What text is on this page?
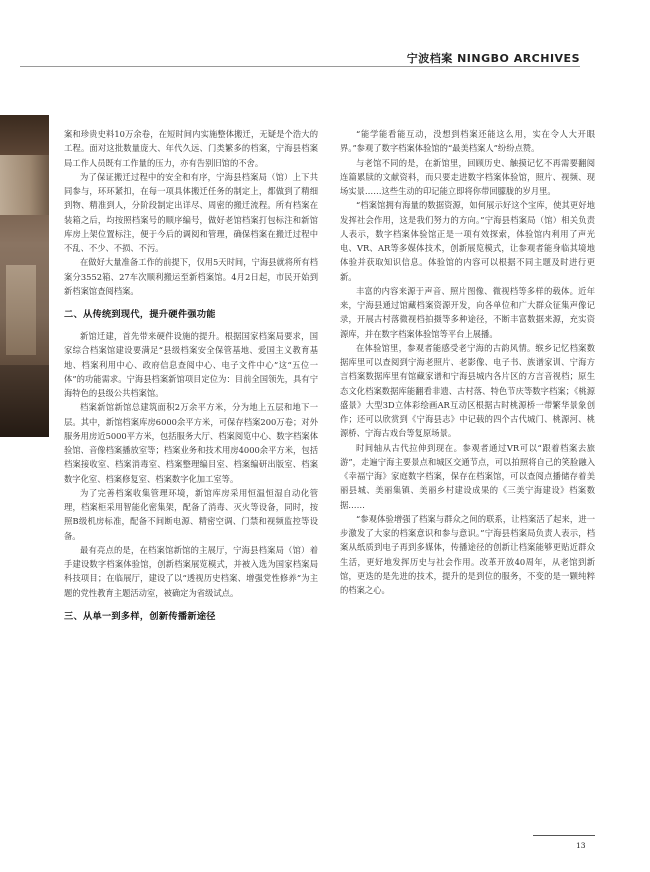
宁波档案 NINGBO ARCHIVES

案和珍贵史料10万余卷，在短时间内实施整体搬迁，无疑是个浩大的工程。面对这批数量庞大、年代久远、门类繁多的档案，宁海县档案局工作人员既有工作量的压力，亦有告别旧馆的不舍。

为了保证搬迁过程中的安全和有序，宁海县档案局（馆）上下共同参与，环环紧扣，在每一项具体搬迁任务的制定上，都做到了精细到物、精准到人，分阶段制定出详尽、周密的搬迁流程。所有档案在装箱之后，均按照档案号的顺序编号，做好老馆档案打包标注和新馆库房上架位置标注，便于今后的调阅和管理，确保档案在搬迁过程中不乱、不少、不损、不污。

在做好大量准备工作的前提下，仅用5天时间，宁海县就将所有档案分3552箱、27车次顺利搬运至新档案馆。4月2日起，市民开始到新档案馆查阅档案。

二、从传统到现代，提升硬件强功能

新馆迁建，首先带来硬件设施的提升。根据国家档案局要求，国家综合档案馆建设要满足“县级档案安全保管基地、爱国主义教育基地、档案利用中心、政府信息查阅中心、电子文件中心”这“五位一体”的功能需求。宁海县档案新馆项目定位为：目前全国领先，具有宁海特色的县级公共档案馆。

档案新馆新馆总建筑面积2万余平方米，分为地上五层和地下一层。其中，新馆档案库房6000余平方米，可保存档案200万卷；对外服务用房近5000平方米，包括服务大厅、档案阅览中心、数字档案体验馆、音像档案播放室等；档案业务和技术用房4000余平方米，包括档案接收室、档案消毒室、档案整理编目室、档案编研出版室、档案数字化室、档案修复室、档案数字化加工室等。

为了完善档案收集管理环境，新馆库房采用恒温恒湿自动化管理，档案柜采用智能化密集架，配备了消毒、灭火等设备，同时，按照B级机房标准，配备不间断电源、精密空调、门禁和视频监控等设备。

最有亮点的是，在档案馆新馆的主展厅，宁海县档案局（馆）着手建设数字档案体验馆，创新档案展览模式，并被入选为国家档案局科技项目；在临展厅，建设了以“透视历史档案、增强党性修养”为主题的党性教育主题活动室，被确定为省级试点。

三、从单一到多样，创新传播新途径

“能学能看能互动，没想到档案还能这么用，实在令人大开眼界。”参观了数字档案体验馆的“最美档案人”纷纷点赞。

与老馆不同的是，在新馆里，回顾历史、触摸记忆不再需要翻阅连篇累牍的文献资料，而只要走进数字档案体验馆，照片、视频、现场实景……这些生动的印记能立即将你带回朦胧的岁月里。

“档案馆拥有海量的数据资源，如何展示好这个宝库，使其更好地发挥社会作用，这是我们努力的方向。”宁海县档案局（馆）相关负责人表示，数字档案体验馆正是一项有效探索，体验馆内利用了声光电、VR、AR等多媒体技术，创新展览模式，让参观者能身临其境地体验并获取知识信息。体验馆的内容可以根据不同主题及时进行更新。

丰富的内容来源于声音、照片图像、微视档等多样的载体。近年来，宁海县通过馆藏档案资源开发，向各单位和广大群众征集声像记录，开展古村落微视档拍摄等多种途径，不断丰富数据来源，充实资源库，并在数字档案体验馆等平台上展播。

在体验馆里，参观者能感受老宁海的古韵风情。缑乡记忆档案数据库里可以查阅到宁海老照片、老影像、电子书、族谱家训、宁海方言档案数据库里有馆藏家谱和宁海县城内各片区的方言音视档；原生态文化档案数据库能翻看非遗、古村落、特色节庆等数字档案；《桃源盛景》大型3D立体彩绘画AR互动区根据古时桃源桥一带繁华景象创作；还可以欣赏到《宁海县志》中记载的四个古代城门、桃源河、桃源桥、宁海古戏台等复原场景。

时间轴从古代拉伸到现在。参观者通过VR可以“跟着档案去旅游”，走遍宁海主要景点和城区交通节点，可以拍照将自己的笑脸融入《幸福宁海》家庭数字档案，保存在档案馆，可以查阅点播储存着美丽县城、美丽集镇、美丽乡村建设成果的《三美宁海建设》档案数据……

“参观体验增强了档案与群众之间的联系，让档案活了起来，进一步激发了大家的档案意识和参与意识。”宁海县档案局负责人表示，档案从纸质到电子再到多媒体，传播途径的创新让档案能够更贴近群众生活，更好地发挥历史与社会作用。改革开放40周年，从老馆到新馆，更迭的是先进的技术，提升的是到位的服务，不变的是一颗纯粹的档案之心。

13
